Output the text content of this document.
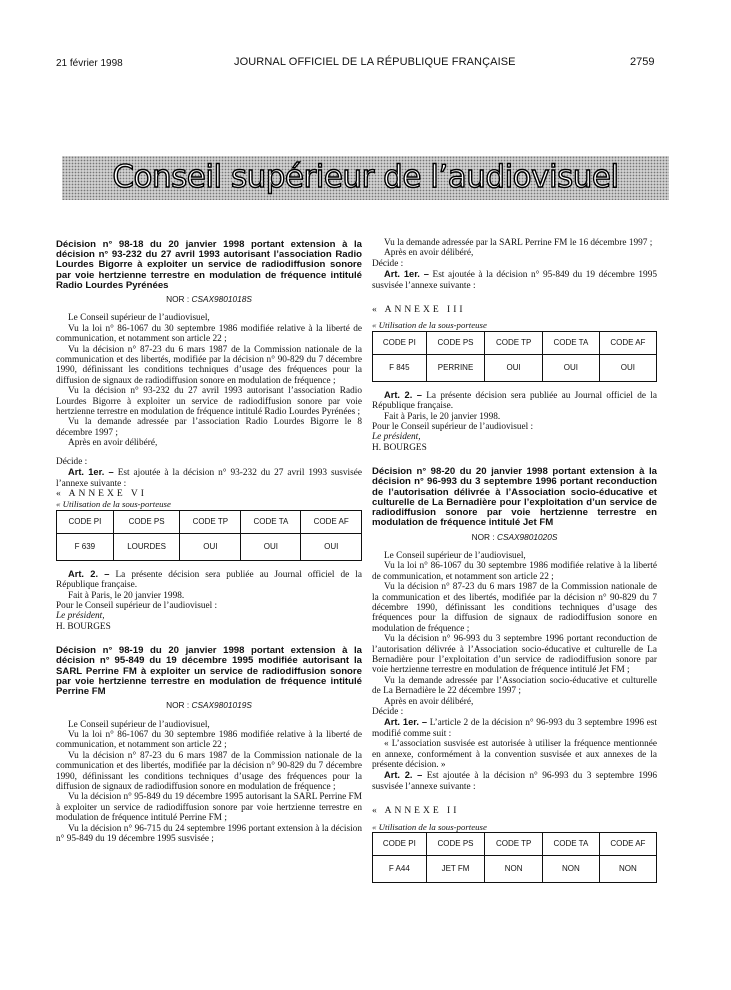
21 février 1998	JOURNAL OFFICIEL DE LA RÉPUBLIQUE FRANÇAISE	2759
Conseil supérieur de l’audiovisuel

Décision n° 98-18 du 20 janvier 1998 portant extension à la décision n° 93-232 du 27 avril 1993 autorisant l’association Radio Lourdes Bigorre à exploiter un service de radiodiffusion sonore par voie hertzienne terrestre en modulation de fréquence intitulé Radio Lourdes Pyrénées

NOR : CSAX9801018S

Le Conseil supérieur de l’audiovisuel,

Vu la loi n° 86-1067 du 30 septembre 1986 modifiée relative à la liberté de communication, et notamment son article 22 ;

Vu la décision n° 87-23 du 6 mars 1987 de la Commission nationale de la communication et des libertés, modifiée par la décision n° 90-829 du 7 décembre 1990, définissant les conditions techniques d’usage des fréquences pour la diffusion de signaux de radiodiffusion sonore en modulation de fréquence ;

Vu la décision n° 93-232 du 27 avril 1993 autorisant l’association Radio Lourdes Bigorre à exploiter un service de radiodiffusion sonore par voie hertzienne terrestre en modulation de fréquence intitulé Radio Lourdes Pyrénées ;

Vu la demande adressée par l’association Radio Lourdes Bigorre le 8 décembre 1997 ;

Après en avoir délibéré,

Décide :

Art. 1er. – Est ajoutée à la décision n° 93-232 du 27 avril 1993 susvisée l’annexe suivante :

« ANNEXE VI

« Utilisation de la sous-porteuse

CODE PI	CODE PS	CODE TP	CODE TA	CODE AF
F 639	LOURDES	OUI	OUI	OUI

Art. 2. – La présente décision sera publiée au Journal officiel de la République française.

Fait à Paris, le 20 janvier 1998.

Pour le Conseil supérieur de l’audiovisuel :

Le président,

H. BOURGES

Décision n° 98-19 du 20 janvier 1998 portant extension à la décision n° 95-849 du 19 décembre 1995 modifiée autorisant la SARL Perrine FM à exploiter un service de radiodiffusion sonore par voie hertzienne terrestre en modulation de fréquence intitulé Perrine FM

NOR : CSAX9801019S

Le Conseil supérieur de l’audiovisuel,

Vu la loi n° 86-1067 du 30 septembre 1986 modifiée relative à la liberté de communication, et notamment son article 22 ;

Vu la décision n° 87-23 du 6 mars 1987 de la Commission nationale de la communication et des libertés, modifiée par la décision n° 90-829 du 7 décembre 1990, définissant les conditions techniques d’usage des fréquences pour la diffusion de signaux de radiodiffusion sonore en modulation de fréquence ;

Vu la décision n° 95-849 du 19 décembre 1995 autorisant la SARL Perrine FM à exploiter un service de radiodiffusion sonore par voie hertzienne terrestre en modulation de fréquence intitulé Perrine FM ;

Vu la décision n° 96-715 du 24 septembre 1996 portant extension à la décision n° 95-849 du 19 décembre 1995 susvisée ;

Vu la demande adressée par la SARL Perrine FM le 16 décembre 1997 ;

Après en avoir délibéré,

Décide :

Art. 1er. – Est ajoutée à la décision n° 95-849 du 19 décembre 1995 susvisée l’annexe suivante :

« ANNEXE III

« Utilisation de la sous-porteuse

CODE PI	CODE PS	CODE TP	CODE TA	CODE AF
F 845	PERRINE	OUI	OUI	OUI

Art. 2. – La présente décision sera publiée au Journal officiel de la République française.

Fait à Paris, le 20 janvier 1998.

Pour le Conseil supérieur de l’audiovisuel :

Le président,

H. BOURGES

Décision n° 98-20 du 20 janvier 1998 portant extension à la décision n° 96-993 du 3 septembre 1996 portant reconduction de l’autorisation délivrée à l’Association socio-éducative et culturelle de La Bernadière pour l’exploitation d’un service de radiodiffusion sonore par voie hertzienne terrestre en modulation de fréquence intitulé Jet FM

NOR : CSAX9801020S

Le Conseil supérieur de l’audiovisuel,

Vu la loi n° 86-1067 du 30 septembre 1986 modifiée relative à la liberté de communication, et notamment son article 22 ;

Vu la décision n° 87-23 du 6 mars 1987 de la Commission nationale de la communication et des libertés, modifiée par la décision n° 90-829 du 7 décembre 1990, définissant les conditions techniques d’usage des fréquences pour la diffusion de signaux de radiodiffusion sonore en modulation de fréquence ;

Vu la décision n° 96-993 du 3 septembre 1996 portant reconduction de l’autorisation délivrée à l’Association socio-éducative et culturelle de La Bernadière pour l’exploitation d’un service de radiodiffusion sonore par voie hertzienne terrestre en modulation de fréquence intitulé Jet FM ;

Vu la demande adressée par l’Association socio-éducative et culturelle de La Bernadière le 22 décembre 1997 ;

Après en avoir délibéré,

Décide :

Art. 1er. – L’article 2 de la décision n° 96-993 du 3 septembre 1996 est modifié comme suit :

« L’association susvisée est autorisée à utiliser la fréquence mentionnée en annexe, conformément à la convention susvisée et aux annexes de la présente décision. »

Art. 2. – Est ajoutée à la décision n° 96-993 du 3 septembre 1996 susvisée l’annexe suivante :

« ANNEXE II

« Utilisation de la sous-porteuse

CODE PI	CODE PS	CODE TP	CODE TA	CODE AF
F A44	JET FM	NON	NON	NON
